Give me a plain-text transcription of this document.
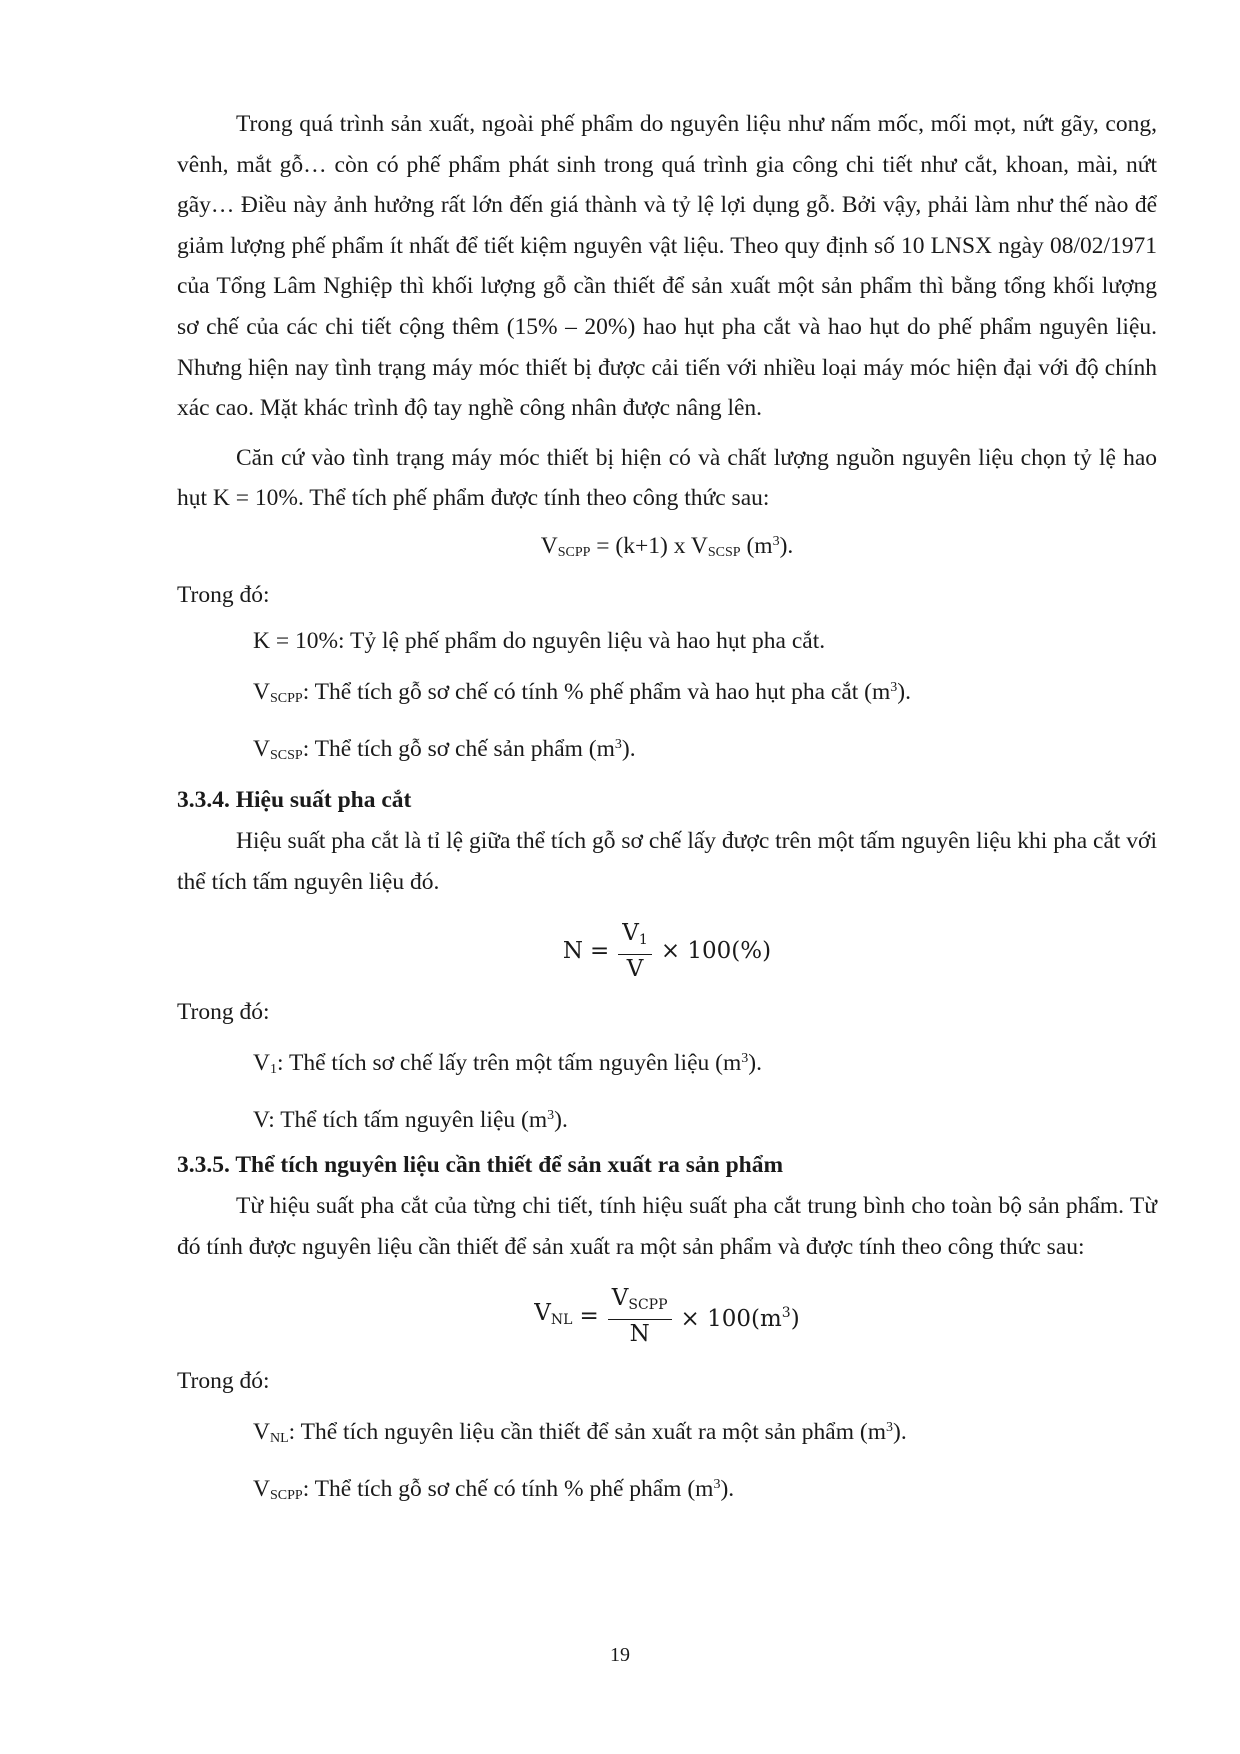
Trong quá trình sản xuất, ngoài phế phẩm do nguyên liệu như nấm mốc, mối mọt, nứt gãy, cong, vênh, mắt gỗ… còn có phế phẩm phát sinh trong quá trình gia công chi tiết như cắt, khoan, mài, nứt gãy… Điều này ảnh hưởng rất lớn đến giá thành và tỷ lệ lợi dụng gỗ. Bởi vậy, phải làm như thế nào để giảm lượng phế phẩm ít nhất để tiết kiệm nguyên vật liệu. Theo quy định số 10 LNSX ngày 08/02/1971 của Tổng Lâm Nghiệp thì khối lượng gỗ cần thiết để sản xuất một sản phẩm thì bằng tổng khối lượng sơ chế của các chi tiết cộng thêm (15% – 20%) hao hụt pha cắt và hao hụt do phế phẩm nguyên liệu. Nhưng hiện nay tình trạng máy móc thiết bị được cải tiến với nhiều loại máy móc hiện đại với độ chính xác cao. Mặt khác trình độ tay nghề công nhân được nâng lên.

Căn cứ vào tình trạng máy móc thiết bị hiện có và chất lượng nguồn nguyên liệu chọn tỷ lệ hao hụt K = 10%. Thể tích phế phẩm được tính theo công thức sau:

$V_{SCPP} = (k+1)$ x $V_{SCSP}$ $(m^3)$.

Trong đó:

K = 10%: Tỷ lệ phế phẩm do nguyên liệu và hao hụt pha cắt.

$V_{SCPP}$: Thể tích gỗ sơ chế có tính % phế phẩm và hao hụt pha cắt $(m^3)$.

$V_{SCSP}$: Thể tích gỗ sơ chế sản phẩm $(m^3)$.

3.3.4. Hiệu suất pha cắt

Hiệu suất pha cắt là tỉ lệ giữa thể tích gỗ sơ chế lấy được trên một tấm nguyên liệu khi pha cắt với thể tích tấm nguyên liệu đó.

$N = \frac{V1}{V} \times 100(\%)$

Trong đó:

$V_1$: Thể tích sơ chế lấy trên một tấm nguyên liệu $(m^3)$.

V: Thể tích tấm nguyên liệu $(m^3)$.

3.3.5. Thể tích nguyên liệu cần thiết để sản xuất ra sản phẩm

Từ hiệu suất pha cắt của từng chi tiết, tính hiệu suất pha cắt trung bình cho toàn bộ sản phẩm. Từ đó tính được nguyên liệu cần thiết để sản xuất ra một sản phẩm và được tính theo công thức sau:

VNL = $\frac{\text{VSCPP}}{N} \times 100(m^3)$

Trong đó:

$V_{NL}$: Thể tích nguyên liệu cần thiết để sản xuất ra một sản phẩm $(m^3)$.

$V_{SCPP}$: Thể tích gỗ sơ chế có tính % phế phẩm $(m^3)$.

19
